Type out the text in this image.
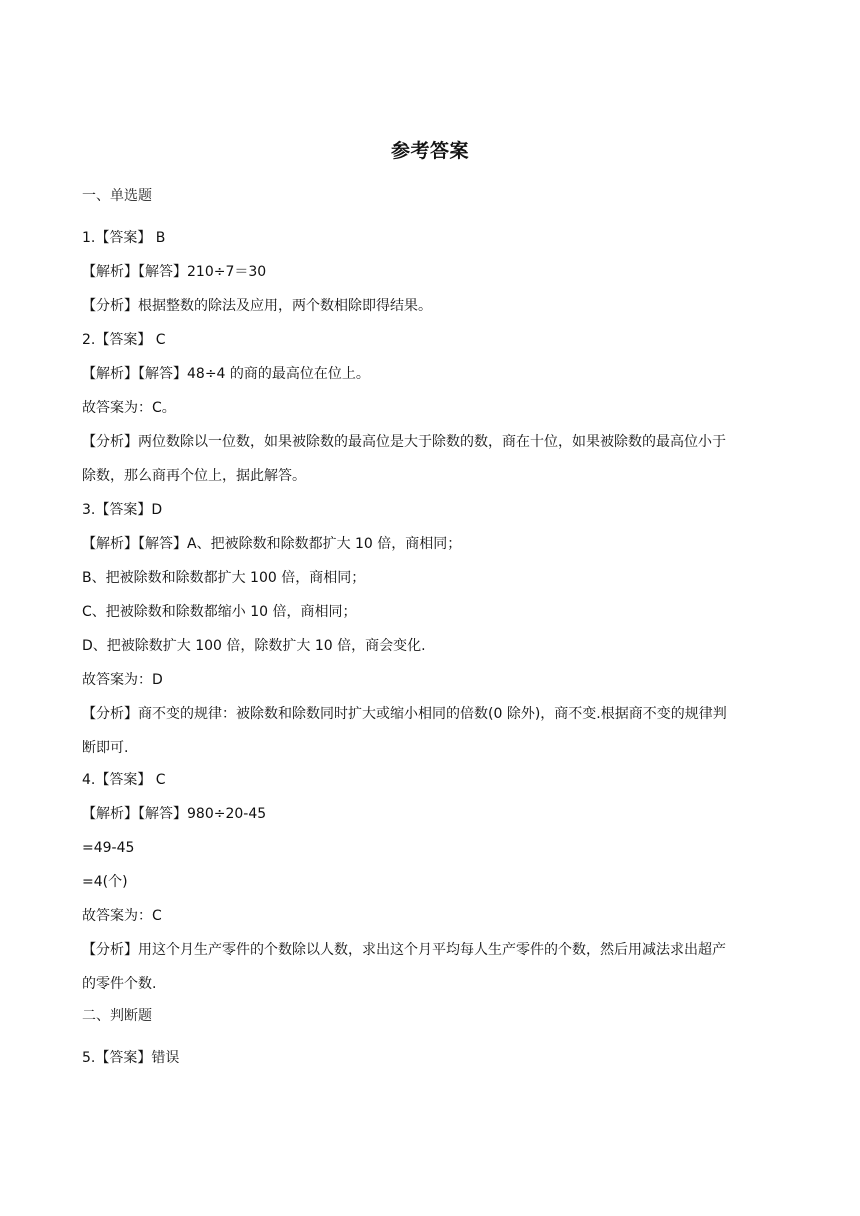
参考答案
一、单选题
1.【答案】 B
【解析】【解答】210÷7＝30
【分析】根据整数的除法及应用，两个数相除即得结果。
2.【答案】 C
【解析】【解答】48÷4 的商的最高位在位上。
故答案为：C。
【分析】两位数除以一位数，如果被除数的最高位是大于除数的数，商在十位，如果被除数的最高位小于
除数，那么商再个位上，据此解答。
3.【答案】D
【解析】【解答】A、把被除数和除数都扩大 10 倍，商相同；
B、把被除数和除数都扩大 100 倍，商相同；
C、把被除数和除数都缩小 10 倍，商相同；
D、把被除数扩大 100 倍，除数扩大 10 倍，商会变化.
故答案为：D
【分析】商不变的规律：被除数和除数同时扩大或缩小相同的倍数(0 除外)，商不变.根据商不变的规律判
断即可.
4.【答案】 C
【解析】【解答】980÷20-45
=49-45
=4(个)
故答案为：C
【分析】用这个月生产零件的个数除以人数，求出这个月平均每人生产零件的个数，然后用减法求出超产
的零件个数.
二、判断题
5.【答案】错误
